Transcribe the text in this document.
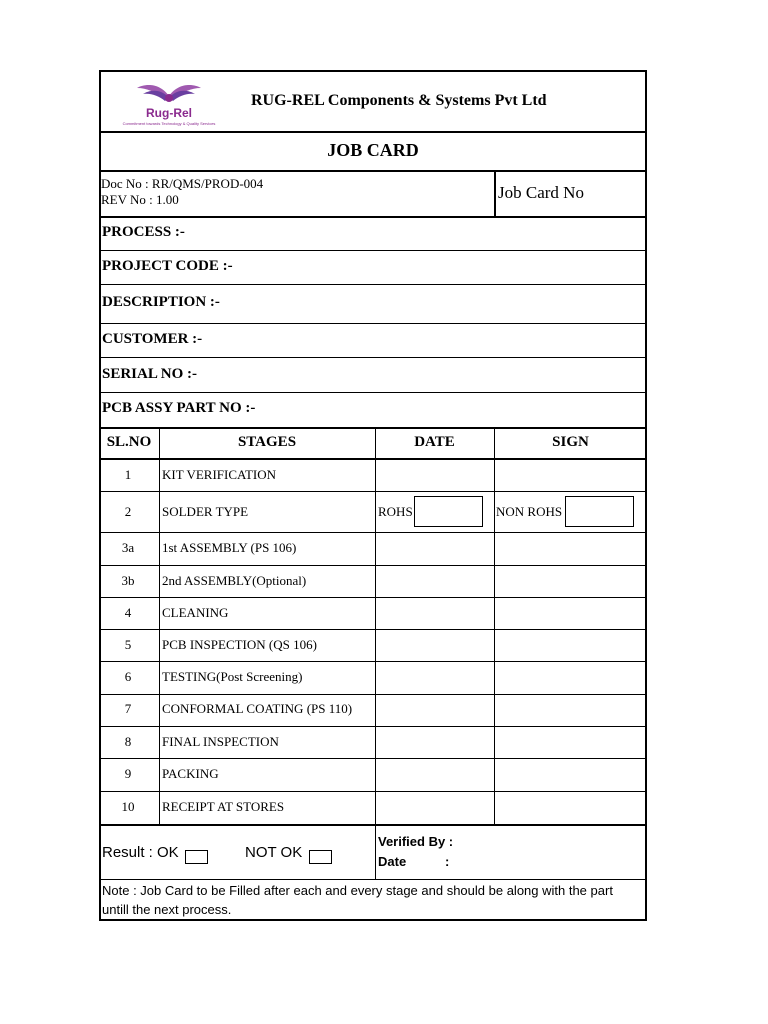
Rug-Rel
Commitment towards Technology & Quality Services
RUG-REL Components & Systems Pvt Ltd
JOB CARD
Doc No : RR/QMS/PROD-004
REV No : 1.00	Job Card No
PROCESS :-
PROJECT CODE :-
DESCRIPTION :-
CUSTOMER :-
SERIAL NO :-
PCB ASSY PART NO :-
SL.NO	STAGES	DATE	SIGN
1	KIT VERIFICATION
2	SOLDER TYPE	ROHS	NON ROHS
3a	1st ASSEMBLY (PS 106)
3b	2nd ASSEMBLY(Optional)
4	CLEANING
5	PCB INSPECTION (QS 106)
6	TESTING(Post Screening)
7	CONFORMAL COATING (PS 110)
8	FINAL INSPECTION
9	PACKING
10	RECEIPT AT STORES
Result : OK	NOT OK
Verified By :
Date	:
Note : Job Card to be Filled after each and every stage and should be along with the part untill the next process.
